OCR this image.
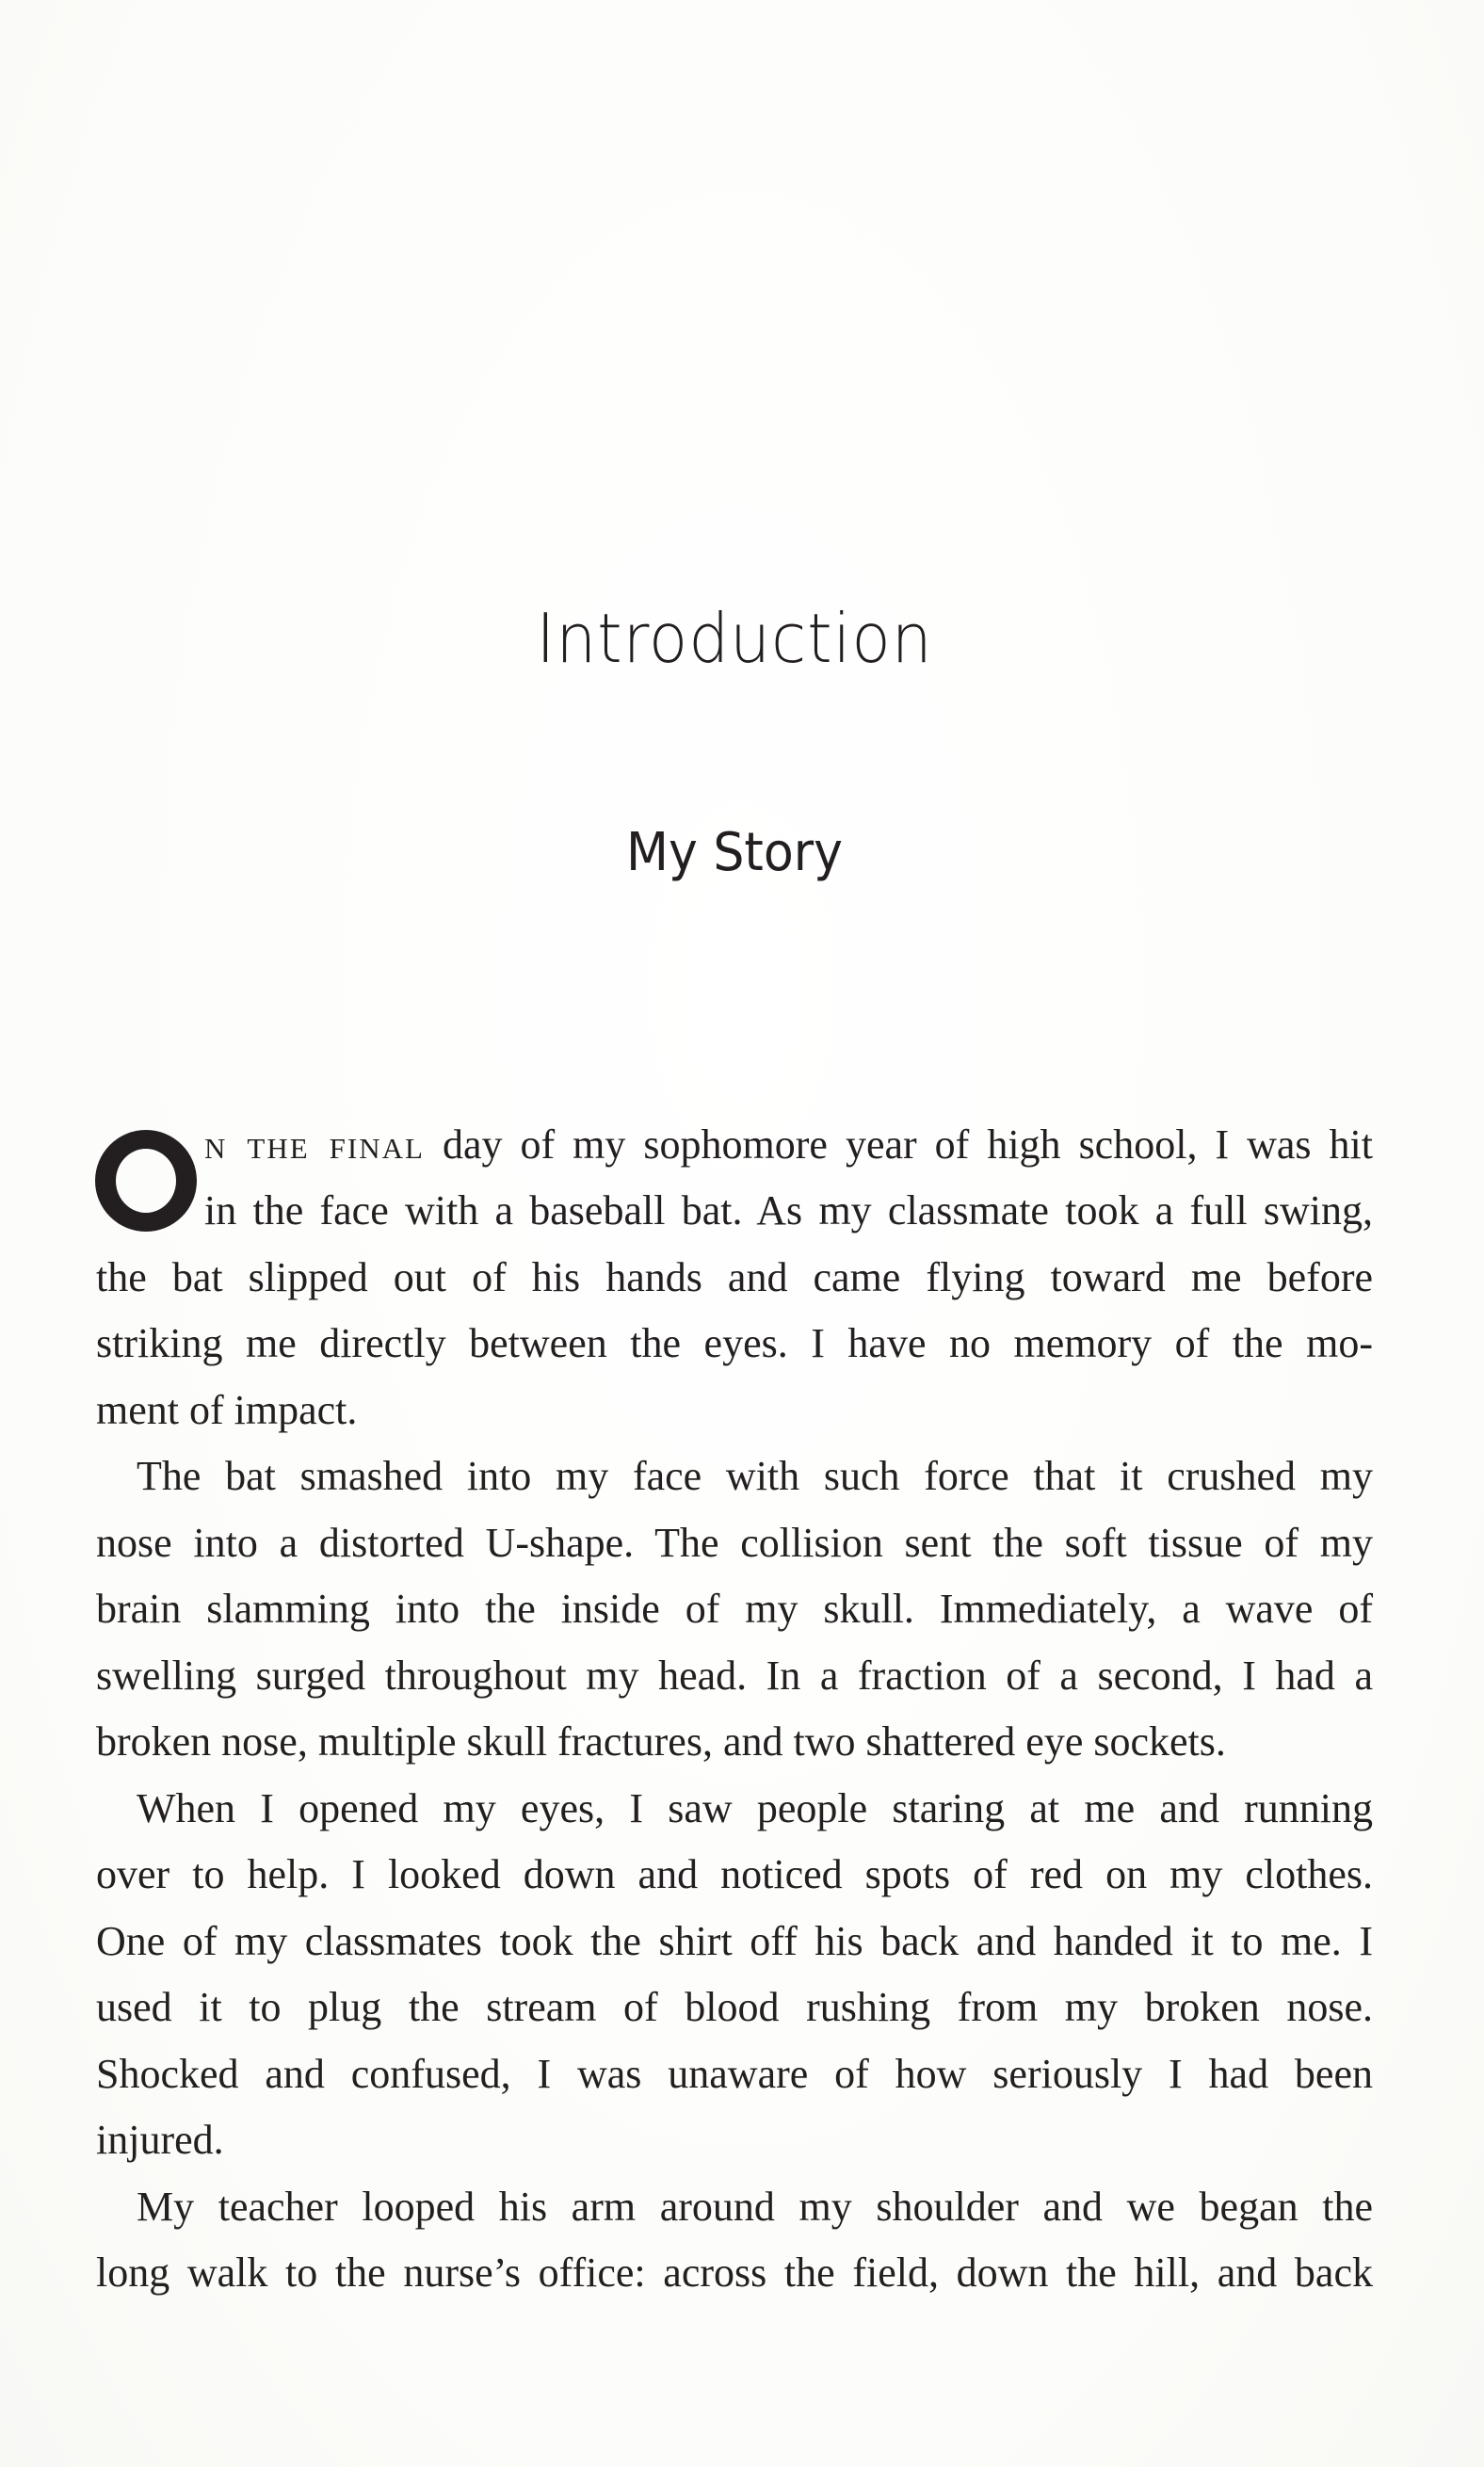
Introduction
My Story
n the final day of my sophomore year of high school, I was hit
in the face with a baseball bat. As my classmate took a full swing,
the bat slipped out of his hands and came flying toward me before
striking me directly between the eyes. I have no memory of the mo-
ment of impact.
The bat smashed into my face with such force that it crushed my
nose into a distorted U-shape. The collision sent the soft tissue of my
brain slamming into the inside of my skull. Immediately, a wave of
swelling surged throughout my head. In a fraction of a second, I had a
broken nose, multiple skull fractures, and two shattered eye sockets.
When I opened my eyes, I saw people staring at me and running
over to help. I looked down and noticed spots of red on my clothes.
One of my classmates took the shirt off his back and handed it to me. I
used it to plug the stream of blood rushing from my broken nose.
Shocked and confused, I was unaware of how seriously I had been
injured.
My teacher looped his arm around my shoulder and we began the
long walk to the nurse’s office: across the field, down the hill, and back
